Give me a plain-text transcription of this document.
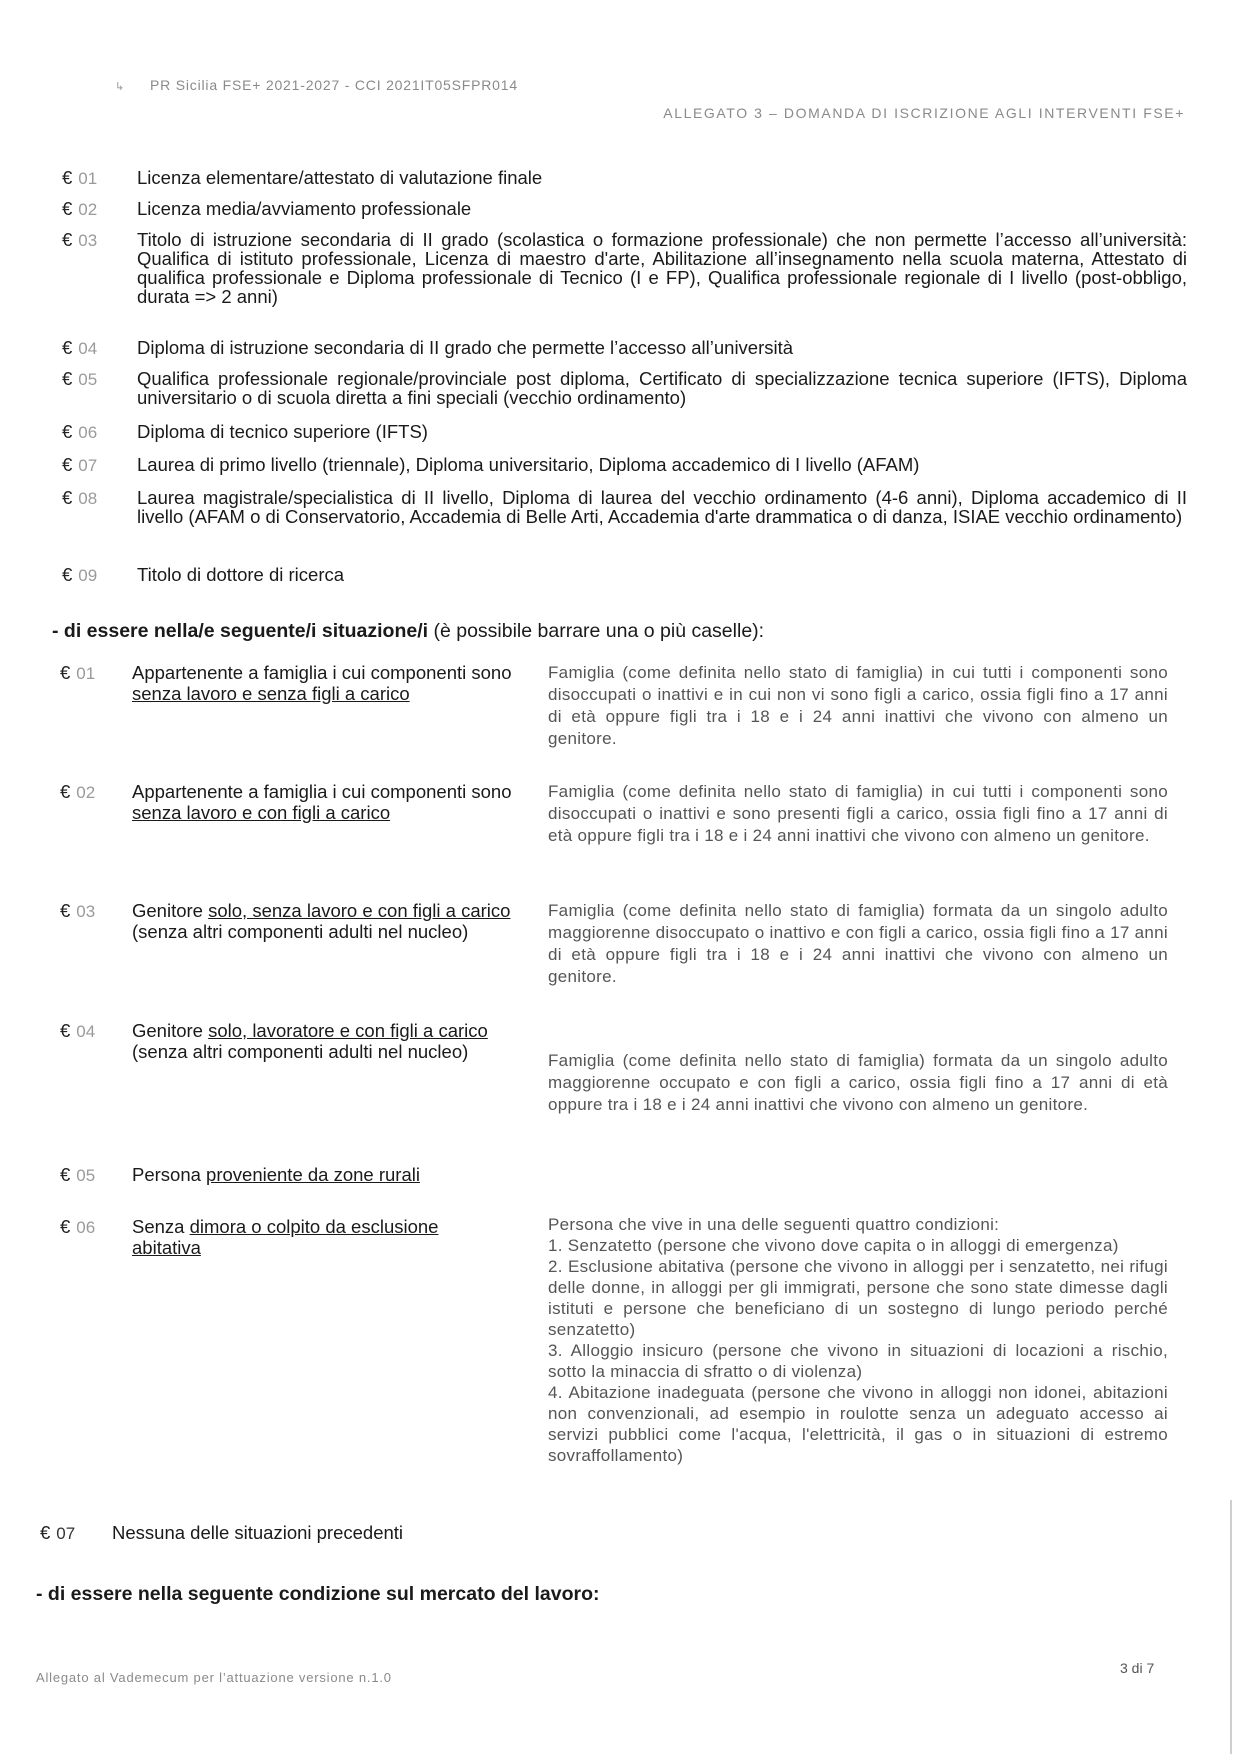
↳ PR Sicilia FSE+ 2021-2027 - CCI 2021IT05SFPR014
ALLEGATO 3 – DOMANDA DI ISCRIZIONE AGLI INTERVENTI FSE+
€ 01	Licenza elementare/attestato di valutazione finale
€ 02	Licenza media/avviamento professionale
€ 03	Titolo di istruzione secondaria di II grado (scolastica o formazione professionale) che non permette l’accesso all’università: Qualifica di istituto professionale, Licenza di maestro d'arte, Abilitazione all’insegnamento nella scuola materna, Attestato di qualifica professionale e Diploma professionale di Tecnico (I e FP), Qualifica professionale regionale di I livello (post-obbligo, durata => 2 anni)
€ 04	Diploma di istruzione secondaria di II grado che permette l’accesso all’università
€ 05	Qualifica professionale regionale/provinciale post diploma, Certificato di specializzazione tecnica superiore (IFTS), Diploma universitario o di scuola diretta a fini speciali (vecchio ordinamento)
€ 06	Diploma di tecnico superiore (IFTS)
€ 07	Laurea di primo livello (triennale), Diploma universitario, Diploma accademico di I livello (AFAM)
€ 08	Laurea magistrale/specialistica di II livello, Diploma di laurea del vecchio ordinamento (4-6 anni), Diploma accademico di II livello (AFAM o di Conservatorio, Accademia di Belle Arti, Accademia d'arte drammatica o di danza, ISIAE vecchio ordinamento)
€ 09	Titolo di dottore di ricerca
- di essere nella/e seguente/i situazione/i (è possibile barrare una o più caselle):
€ 01	Appartenente a famiglia i cui componenti sono senza lavoro e senza figli a carico
Famiglia (come definita nello stato di famiglia) in cui tutti i componenti sono disoccupati o inattivi e in cui non vi sono figli a carico, ossia figli fino a 17 anni di età oppure figli tra i 18 e i 24 anni inattivi che vivono con almeno un genitore.
€ 02	Appartenente a famiglia i cui componenti sono senza lavoro e con figli a carico
Famiglia (come definita nello stato di famiglia) in cui tutti i componenti sono disoccupati o inattivi e sono presenti figli a carico, ossia figli fino a 17 anni di età oppure figli tra i 18 e i 24 anni inattivi che vivono con almeno un genitore.
€ 03	Genitore solo, senza lavoro e con figli a carico (senza altri componenti adulti nel nucleo)
Famiglia (come definita nello stato di famiglia) formata da un singolo adulto maggiorenne disoccupato o inattivo e con figli a carico, ossia figli fino a 17 anni di età oppure figli tra i 18 e i 24 anni inattivi che vivono con almeno un genitore.
€ 04	Genitore solo, lavoratore e con figli a carico (senza altri componenti adulti nel nucleo)	Famiglia (come definita nello stato di famiglia) formata da un singolo adulto maggiorenne occupato e con figli a carico, ossia figli fino a 17 anni di età oppure tra i 18 e i 24 anni inattivi che vivono con almeno un genitore.
€ 05	Persona proveniente da zone rurali
€ 06	Senza dimora o colpito da esclusione abitativa
Persona che vive in una delle seguenti quattro condizioni:
1. Senzatetto (persone che vivono dove capita o in alloggi di emergenza)
2. Esclusione abitativa (persone che vivono in alloggi per i senzatetto, nei rifugi delle donne, in alloggi per gli immigrati, persone che sono state dimesse dagli istituti e persone che beneficiano di un sostegno di lungo periodo perché senzatetto)
3. Alloggio insicuro (persone che vivono in situazioni di locazioni a rischio, sotto la minaccia di sfratto o di violenza)
4. Abitazione inadeguata (persone che vivono in alloggi non idonei, abitazioni non convenzionali, ad esempio in roulotte senza un adeguato accesso ai servizi pubblici come l'acqua, l'elettricità, il gas o in situazioni di estremo sovraffollamento)
€ 07	Nessuna delle situazioni precedenti
- di essere nella seguente condizione sul mercato del lavoro:
Allegato al Vademecum per l’attuazione versione n.1.0
3 di 7
